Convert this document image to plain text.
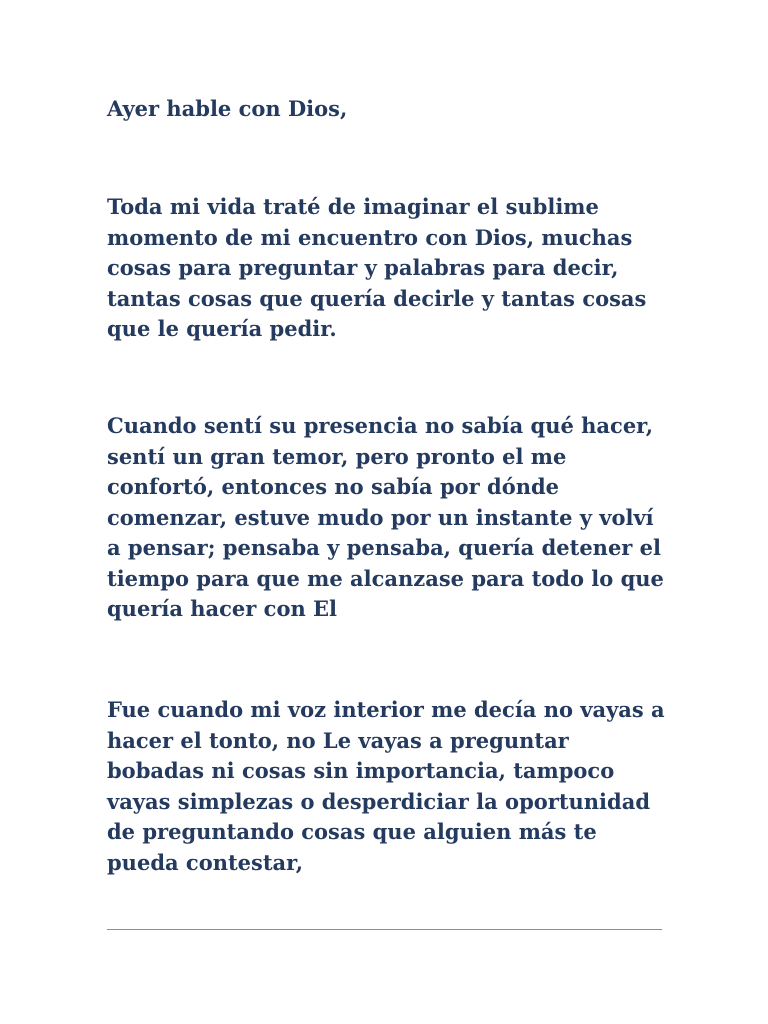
Ayer hable con Dios,

Toda mi vida traté de imaginar el sublime
momento de mi encuentro con Dios, muchas
cosas para preguntar y palabras para decir,
tantas cosas que quería decirle y tantas cosas
que le quería pedir.

Cuando sentí su presencia no sabía qué hacer,
sentí un gran temor, pero pronto el me
confortó, entonces no sabía por dónde
comenzar, estuve mudo por un instante y volví
a pensar; pensaba y pensaba, quería detener el
tiempo para que me alcanzase para todo lo que
quería hacer con El

Fue cuando mi voz interior me decía no vayas a
hacer el tonto, no Le vayas a preguntar
bobadas ni cosas sin importancia, tampoco
vayas simplezas o desperdiciar la oportunidad
de preguntando cosas que alguien más te
pueda contestar,
